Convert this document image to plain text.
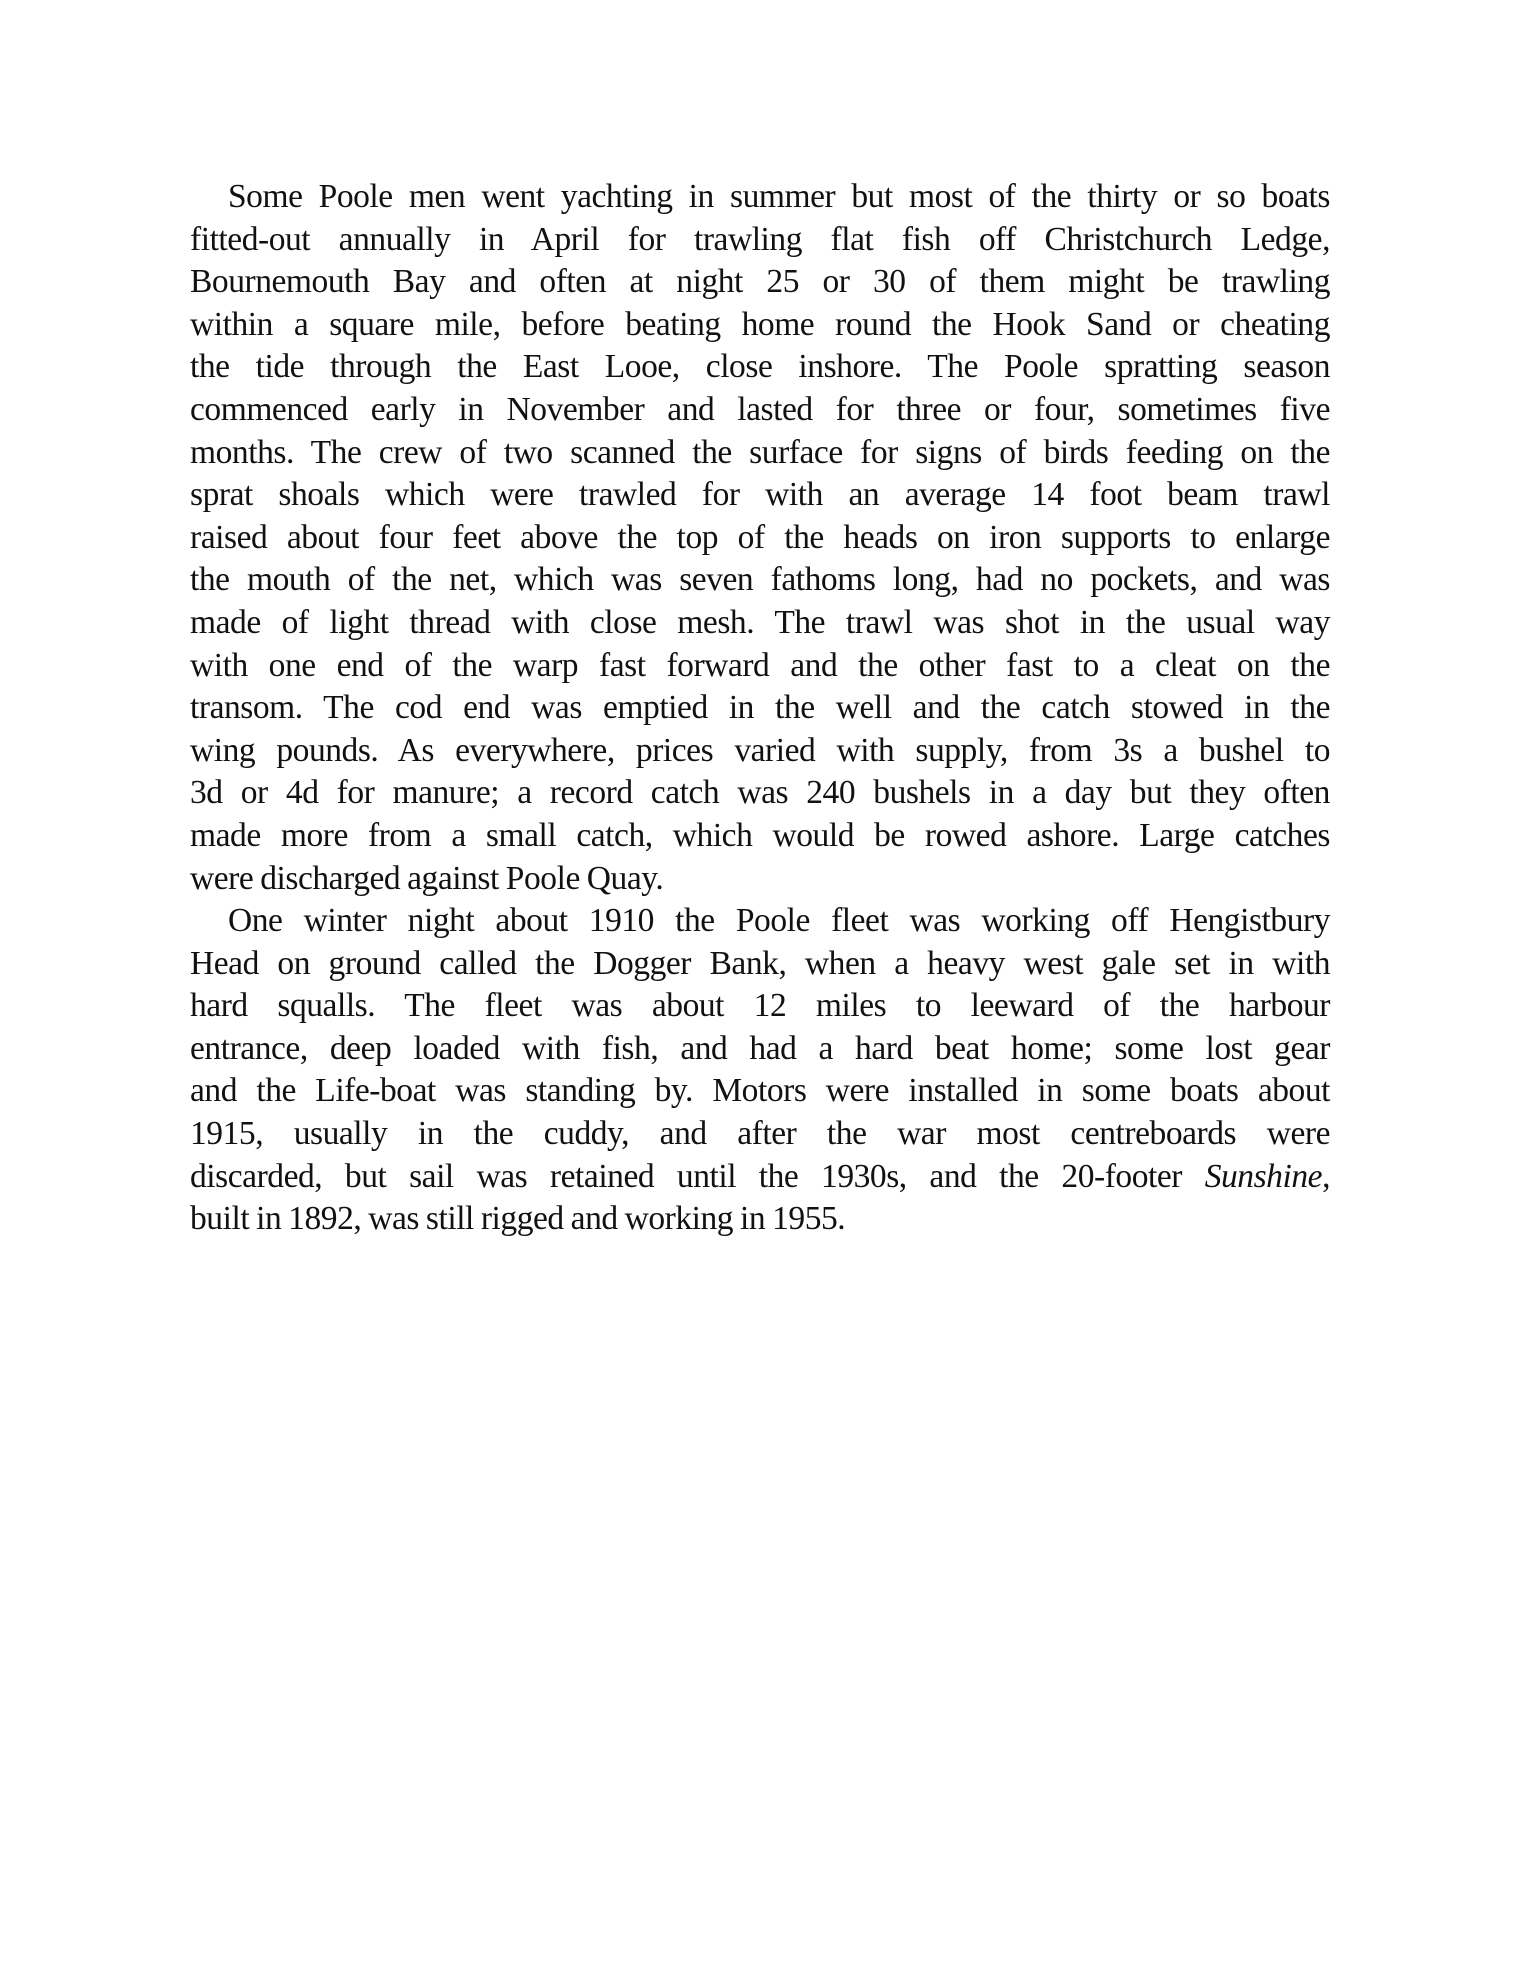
Some Poole men went yachting in summer but most of the thirty or so boats
fitted-out annually in April for trawling flat fish off Christchurch Ledge,
Bournemouth Bay and often at night 25 or 30 of them might be trawling
within a square mile, before beating home round the Hook Sand or cheating
the tide through the East Looe, close inshore. The Poole spratting season
commenced early in November and lasted for three or four, sometimes five
months. The crew of two scanned the surface for signs of birds feeding on the
sprat shoals which were trawled for with an average 14 foot beam trawl
raised about four feet above the top of the heads on iron supports to enlarge
the mouth of the net, which was seven fathoms long, had no pockets, and was
made of light thread with close mesh. The trawl was shot in the usual way
with one end of the warp fast forward and the other fast to a cleat on the
transom. The cod end was emptied in the well and the catch stowed in the
wing pounds. As everywhere, prices varied with supply, from 3s a bushel to
3d or 4d for manure; a record catch was 240 bushels in a day but they often
made more from a small catch, which would be rowed ashore. Large catches
were discharged against Poole Quay.

One winter night about 1910 the Poole fleet was working off Hengistbury
Head on ground called the Dogger Bank, when a heavy west gale set in with
hard squalls. The fleet was about 12 miles to leeward of the harbour
entrance, deep loaded with fish, and had a hard beat home; some lost gear
and the Life-boat was standing by. Motors were installed in some boats about
1915, usually in the cuddy, and after the war most centreboards were
discarded, but sail was retained until the 1930s, and the 20-footer Sunshine,
built in 1892, was still rigged and working in 1955.
